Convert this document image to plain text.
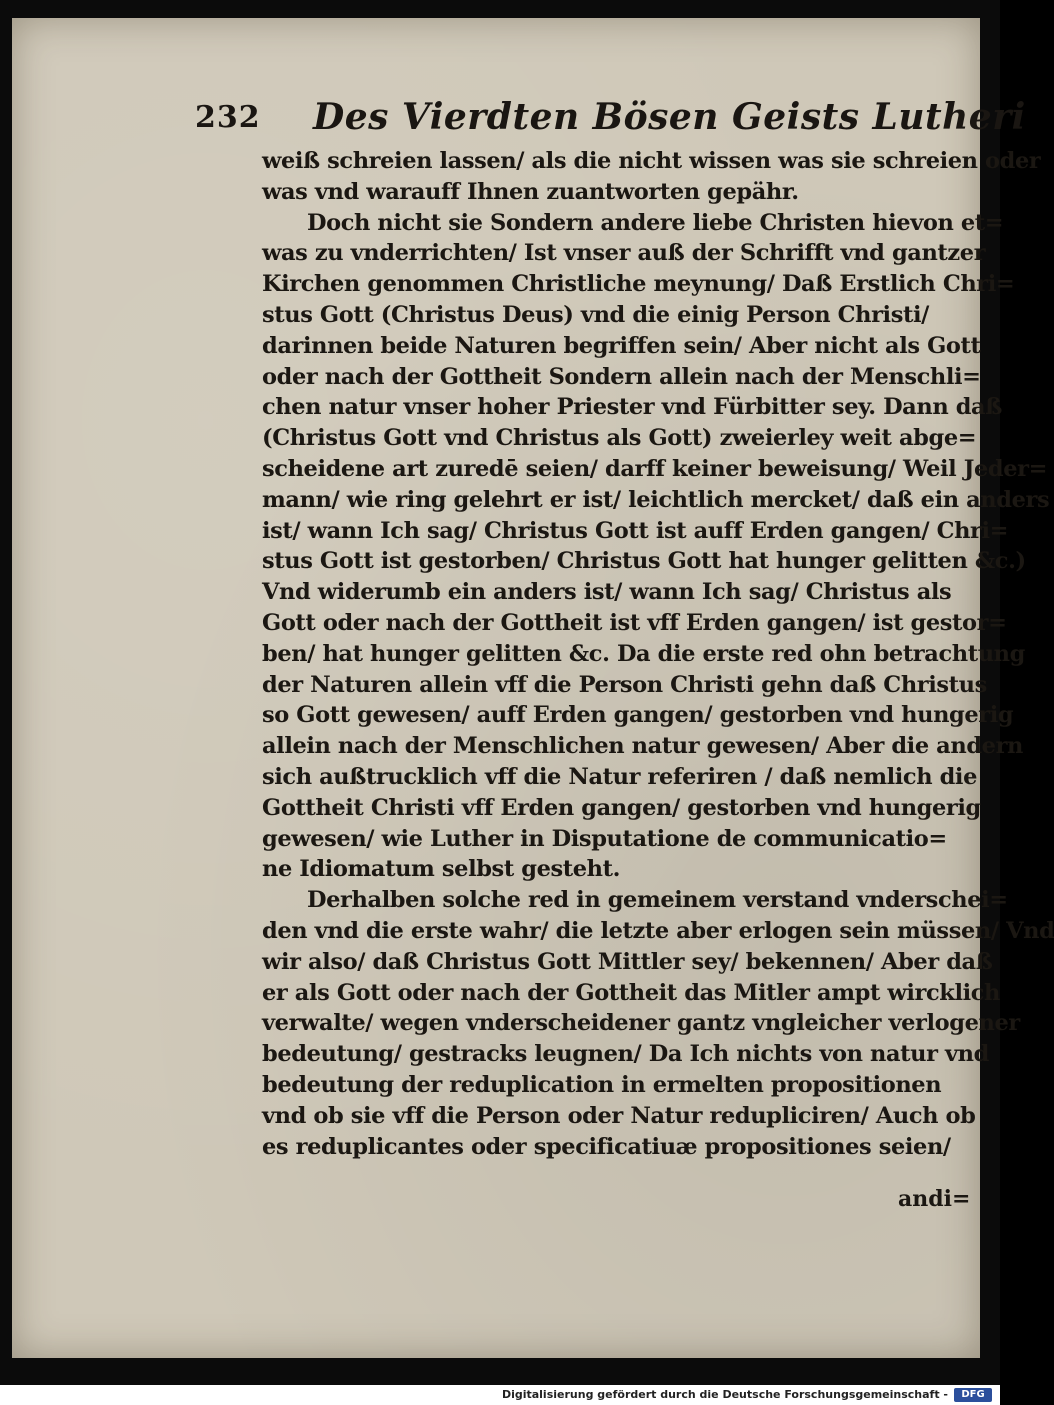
232 Des Vierdten Bösen Geists Lutheri
weiß schreien lassen/ als die nicht wissen was sie schreien oder
was vnd warauff Ihnen zuantworten gepähr.
Doch nicht sie Sondern andere liebe Christen hievon et=
was zu vnderrichten/ Ist vnser auß der Schrifft vnd gantzer
Kirchen genommen Christliche meynung/ Daß Erstlich Chri=
stus Gott (Christus Deus) vnd die einig Person Christi/
darinnen beide Naturen begriffen sein/ Aber nicht als Gott
oder nach der Gottheit Sondern allein nach der Menschli=
chen natur vnser hoher Priester vnd Fürbitter sey. Dann daß
(Christus Gott vnd Christus als Gott) zweierley weit abge=
scheidene art zuredē seien/ darff keiner beweisung/ Weil Jeder=
mann/ wie ring gelehrt er ist/ leichtlich mercket/ daß ein anders
ist/ wann Ich sag/ Christus Gott ist auff Erden gangen/ Chri=
stus Gott ist gestorben/ Christus Gott hat hunger gelitten &c.)
Vnd widerumb ein anders ist/ wann Ich sag/ Christus als
Gott oder nach der Gottheit ist vff Erden gangen/ ist gestor=
ben/ hat hunger gelitten &c. Da die erste red ohn betrachtung
der Naturen allein vff die Person Christi gehn daß Christus
so Gott gewesen/ auff Erden gangen/ gestorben vnd hungerig
allein nach der Menschlichen natur gewesen/ Aber die andern
sich außtrucklich vff die Natur referiren / daß nemlich die
Gottheit Christi vff Erden gangen/ gestorben vnd hungerig
gewesen/ wie Luther in Disputatione de communicatio=
ne Idiomatum selbst gesteht.
Derhalben solche red in gemeinem verstand vnderschei=
den vnd die erste wahr/ die letzte aber erlogen sein müssen/ Vnd
wir also/ daß Christus Gott Mittler sey/ bekennen/ Aber daß
er als Gott oder nach der Gottheit das Mitler ampt wircklich
verwalte/ wegen vnderscheidener gantz vngleicher verlogener
bedeutung/ gestracks leugnen/ Da Ich nichts von natur vnd
bedeutung der reduplication in ermelten propositionen
vnd ob sie vff die Person oder Natur redupliciren/ Auch ob
es reduplicantes oder specificatiuæ propositiones seien/
andi=
Digitalisierung gefördert durch die Deutsche Forschungsgemeinschaft -	DFG
